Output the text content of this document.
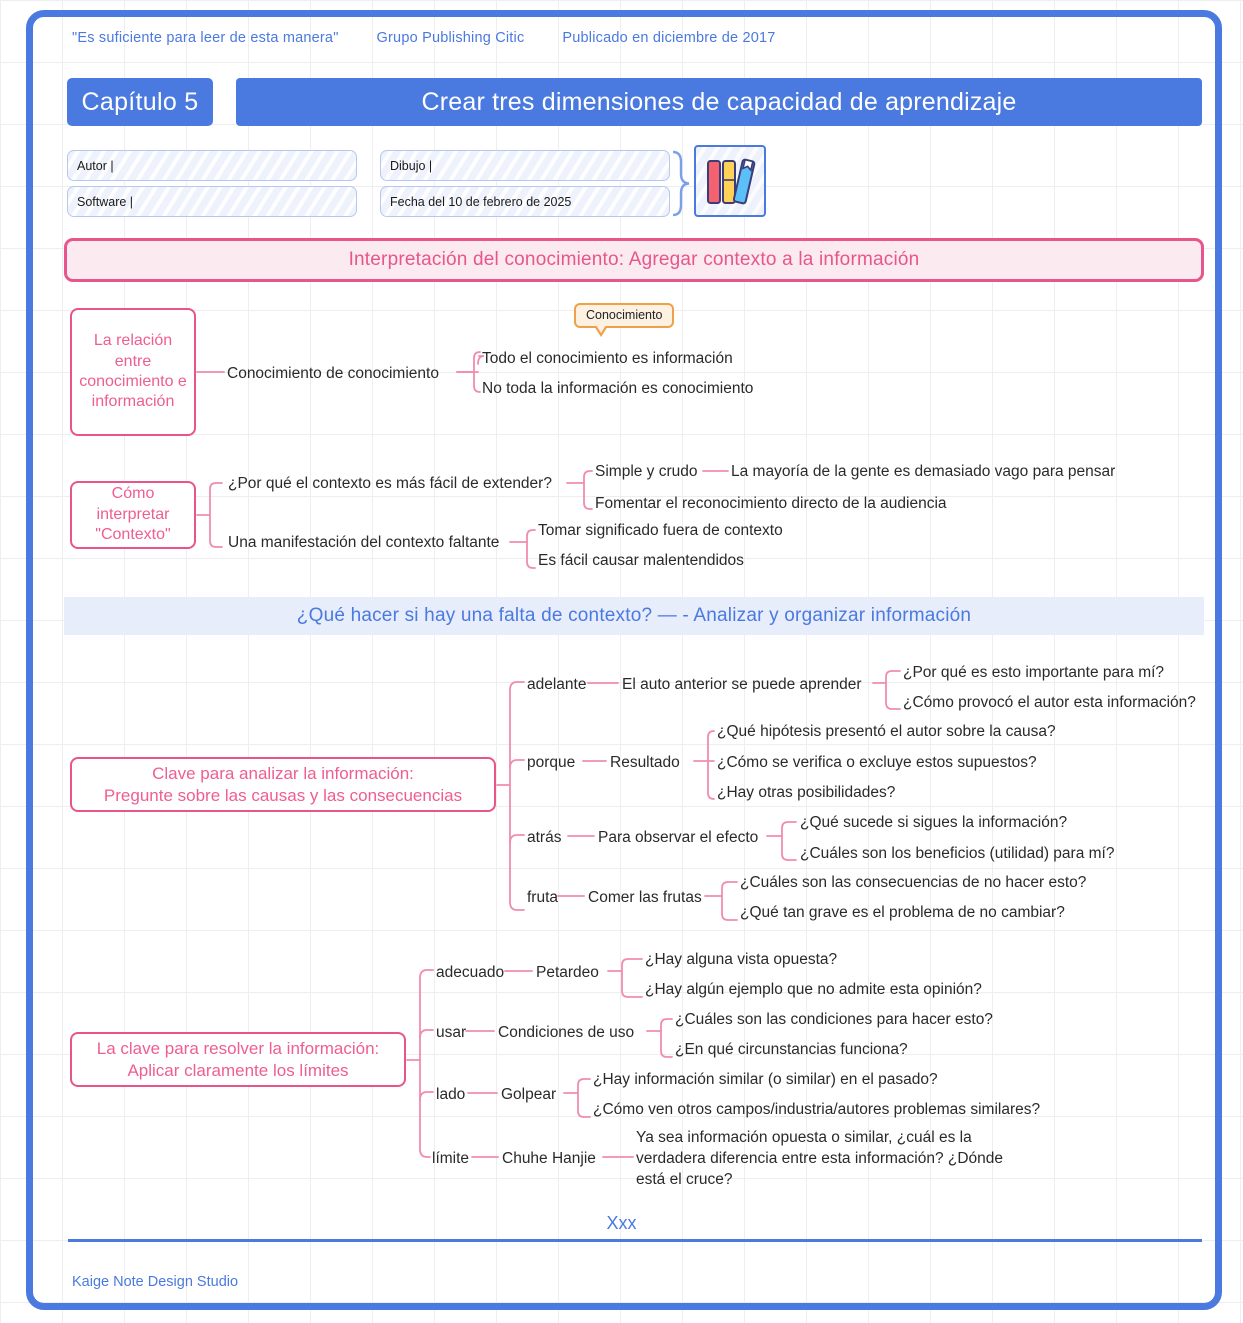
"Es suficiente para leer de esta manera"	Grupo Publishing Citic	Publicado en diciembre de 2017
Capítulo 5	Crear tres dimensiones de capacidad de aprendizaje
Autor |
Software |
Dibujo |
Fecha del 10 de febrero de 2025
Interpretación del conocimiento: Agregar contexto a la información
Conocimiento
La relación entre conocimiento e información
Conocimiento de conocimiento
Todo el conocimiento es información
No toda la información es conocimiento
Cómo interpretar "Contexto"
¿Por qué el contexto es más fácil de extender?
Simple y crudo La mayoría de la gente es demasiado vago para pensar
Fomentar el reconocimiento directo de la audiencia
Una manifestación del contexto faltante
Tomar significado fuera de contexto
Es fácil causar malentendidos
¿Qué hacer si hay una falta de contexto? — - Analizar y organizar información
Clave para analizar la información:
Pregunte sobre las causas y las consecuencias
adelante El auto anterior se puede aprender
¿Por qué es esto importante para mí?
¿Cómo provocó el autor esta información?
porque Resultado
¿Qué hipótesis presentó el autor sobre la causa?
¿Cómo se verifica o excluye estos supuestos?
¿Hay otras posibilidades?
atrás Para observar el efecto
¿Qué sucede si sigues la información?
¿Cuáles son los beneficios (utilidad) para mí?
fruta Comer las frutas
¿Cuáles son las consecuencias de no hacer esto?
¿Qué tan grave es el problema de no cambiar?
La clave para resolver la información:
Aplicar claramente los límites
adecuado Petardeo
¿Hay alguna vista opuesta?
¿Hay algún ejemplo que no admite esta opinión?
usar Condiciones de uso
¿Cuáles son las condiciones para hacer esto?
¿En qué circunstancias funciona?
lado Golpear
¿Hay información similar (o similar) en el pasado?
¿Cómo ven otros campos/industria/autores problemas similares?
límite Chuhe Hanjie
Ya sea información opuesta o similar, ¿cuál es la verdadera diferencia entre esta información? ¿Dónde está el cruce?
Xxx
Kaige Note Design Studio
